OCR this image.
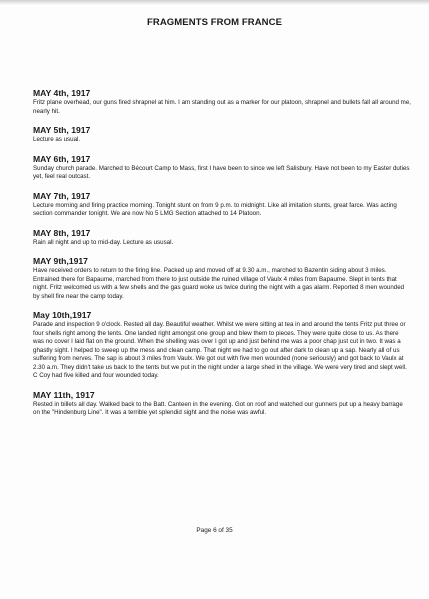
FRAGMENTS FROM FRANCE

MAY 4th, 1917

Fritz plane overhead, our guns fired shrapnel at him. I am standing out as a marker for our platoon, shrapnel and bullets fall all around me, nearly hit.

MAY 5th, 1917

Lecture as usual.

MAY 6th, 1917

Sunday church parade. Marched to Bécourt Camp to Mass, first I have been to since we left Salisbury. Have not been to my Easter duties yet, feel real outcast.

MAY 7th, 1917

Lecture morning and firing practice morning. Tonight stunt on from 9 p.m. to midnight. Like all imitation stunts, great farce. Was acting section commander tonight. We are now No 5 LMG Section attached to 14 Platoon.

MAY 8th, 1917

Rain all night and up to mid-day. Lecture as ususal.

MAY 9th,1917

Have received orders to return to the firing line. Packed up and moved off at 9.30 a.m., marched to Bazentin siding about 3 miles. Entrained there for Bapaume, marched from there to just outside the ruined village of Vaulx 4 miles from Bapaume. Slept in tents that night. Fritz welcomed us with a few shells and the gas guard woke us twice during the night with a gas alarm. Reported 8 men wounded by shell fire near the camp today.

May 10th,1917

Parade and inspection 9 o'clock. Rested all day. Beautiful weather. Whilst we were sitting at tea in and around the tents Fritz put three or four shells right among the tents. One landed right amongst one group and blew them to pieces. They were quite close to us. As there was no cover I laid flat on the ground. When the shelling was over I got up and just behind me was a poor chap just cut in two. It was a ghastly sight. I helped to sweep up the mess and clean camp. That night we had to go out after dark to clean up a sap. Nearly all of us suffering from nerves. The sap is about 3 miles from Vaulx. We got out with five men wounded (none seriously) and got back to Vaulx at 2.30 a.m. They didn't take us back to the tents but we put in the night under a large shed in the village. We were very tired and slept well. C Coy had five killed and four wounded today.

MAY 11th, 1917

Rested in billets all day. Walked back to the Batt. Canteen in the evening. Got on roof and watched our gunners put up a heavy barrage on the "Hindenburg Line". It was a terrible yet splendid sight and the noise was awful.

Page 6 of 35
